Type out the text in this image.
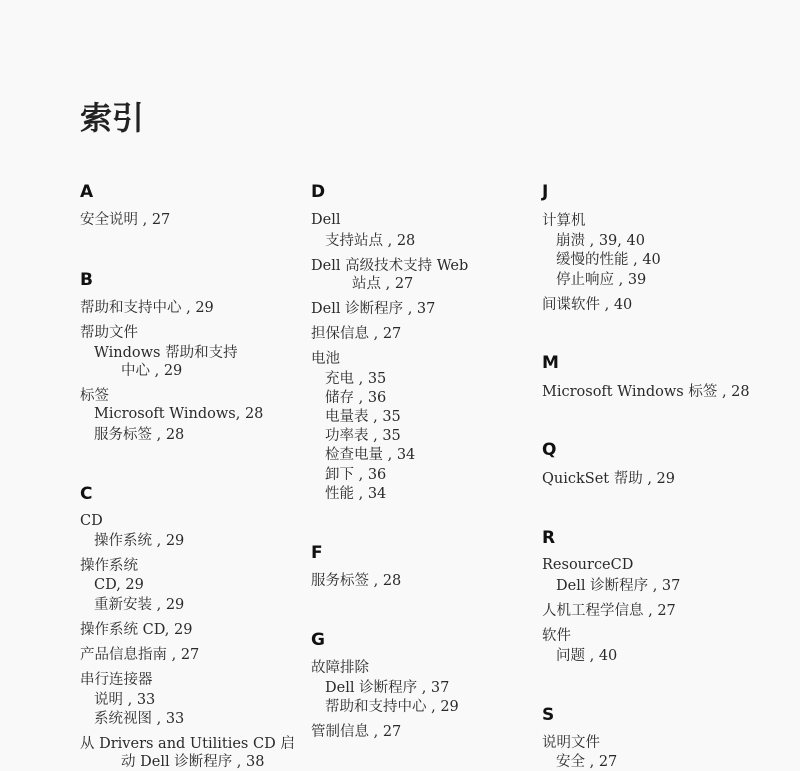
索引
A
安全说明 , 27
B
帮助和支持中心 , 29
帮助文件
Windows 帮助和支持
中心 , 29
标签
Microsoft Windows, 28
服务标签 , 28
C
CD
操作系统 , 29
操作系统
CD, 29
重新安装 , 29
操作系统 CD, 29
产品信息指南 , 27
串行连接器
说明 , 33
系统视图 , 33
从 Drivers and Utilities CD 启
动 Dell 诊断程序 , 38
D
Dell
支持站点 , 28
Dell 高级技术支持 Web
站点 , 27
Dell 诊断程序 , 37
担保信息 , 27
电池
充电 , 35
储存 , 36
电量表 , 35
功率表 , 35
检查电量 , 34
卸下 , 36
性能 , 34
F
服务标签 , 28
G
故障排除
Dell 诊断程序 , 37
帮助和支持中心 , 29
管制信息 , 27
J
计算机
崩溃 , 39, 40
缓慢的性能 , 40
停止响应 , 39
间谍软件 , 40
M
Microsoft Windows 标签 , 28
Q
QuickSet 帮助 , 29
R
ResourceCD
Dell 诊断程序 , 37
人机工程学信息 , 27
软件
问题 , 40
S
说明文件
安全 , 27
